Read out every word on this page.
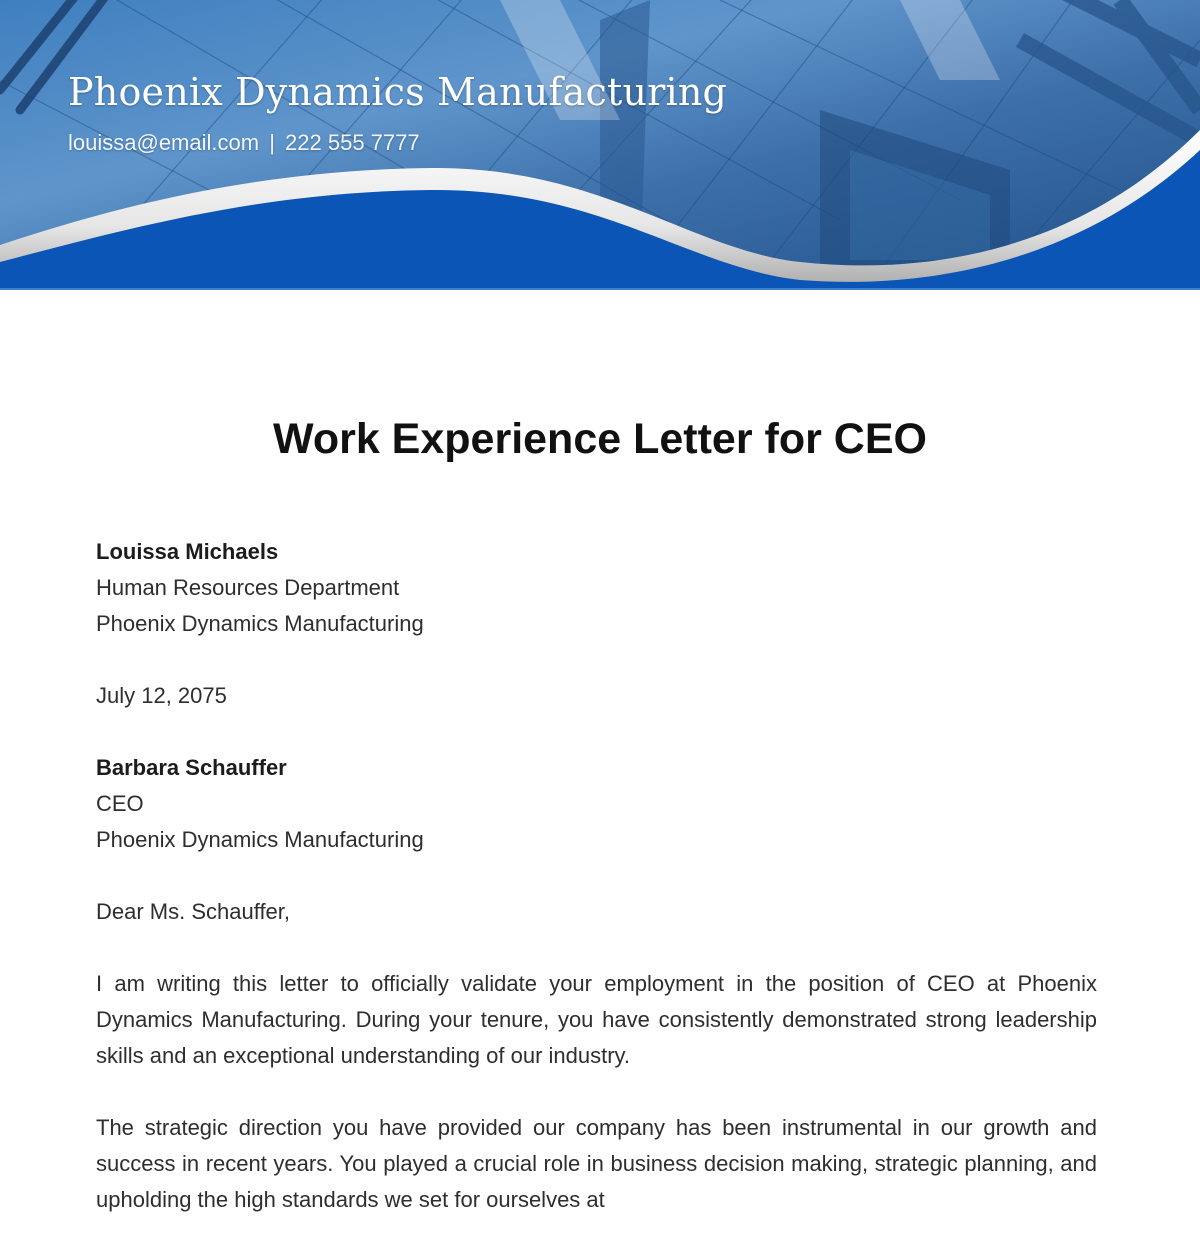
Phoenix Dynamics Manufacturing
louissa@email.com | 222 555 7777
Work Experience Letter for CEO
Louissa Michaels
Human Resources Department
Phoenix Dynamics Manufacturing
July 12, 2075
Barbara Schauffer
CEO
Phoenix Dynamics Manufacturing
Dear Ms. Schauffer,

I am writing this letter to officially validate your employment in the position of CEO at Phoenix Dynamics Manufacturing. During your tenure, you have consistently demonstrated strong leadership skills and an exceptional understanding of our industry.

The strategic direction you have provided our company has been instrumental in our growth and success in recent years. You played a crucial role in business decision making, strategic planning, and upholding the high standards we set for ourselves at
